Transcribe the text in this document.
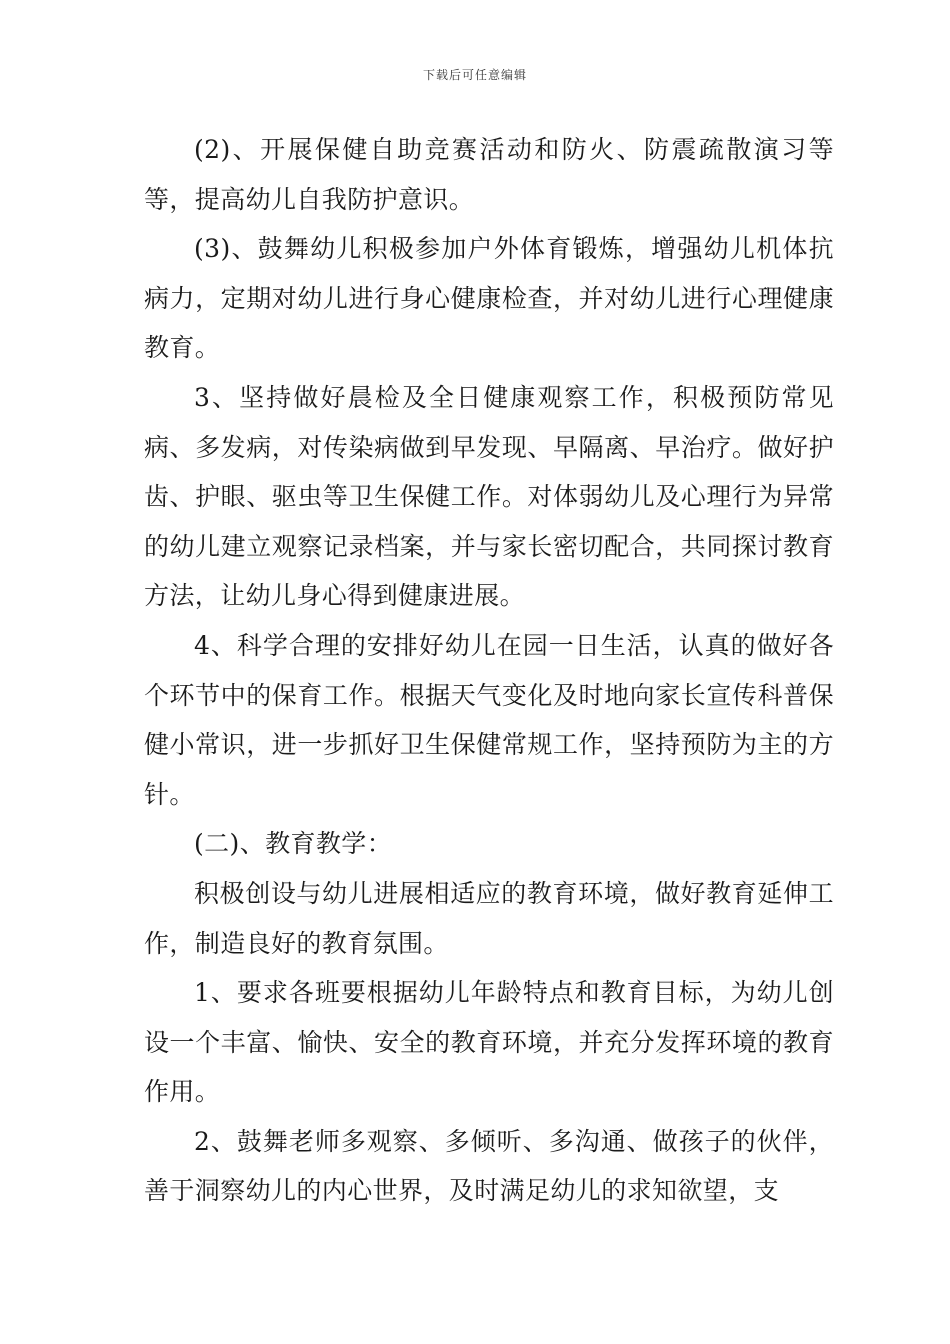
下载后可任意编辑

(2)、开展保健自助竞赛活动和防火、防震疏散演习等等，提高幼儿自我防护意识。

(3)、鼓舞幼儿积极参加户外体育锻炼，增强幼儿机体抗病力，定期对幼儿进行身心健康检查，并对幼儿进行心理健康教育。

3、坚持做好晨检及全日健康观察工作，积极预防常见病、多发病，对传染病做到早发现、早隔离、早治疗。做好护齿、护眼、驱虫等卫生保健工作。对体弱幼儿及心理行为异常的幼儿建立观察记录档案，并与家长密切配合，共同探讨教育方法，让幼儿身心得到健康进展。

4、科学合理的安排好幼儿在园一日生活，认真的做好各个环节中的保育工作。根据天气变化及时地向家长宣传科普保健小常识，进一步抓好卫生保健常规工作，坚持预防为主的方针。

(二)、教育教学：

积极创设与幼儿进展相适应的教育环境，做好教育延伸工作，制造良好的教育氛围。

1、要求各班要根据幼儿年龄特点和教育目标，为幼儿创设一个丰富、愉快、安全的教育环境，并充分发挥环境的教育作用。

2、鼓舞老师多观察、多倾听、多沟通、做孩子的伙伴，善于洞察幼儿的内心世界，及时满足幼儿的求知欲望，支
